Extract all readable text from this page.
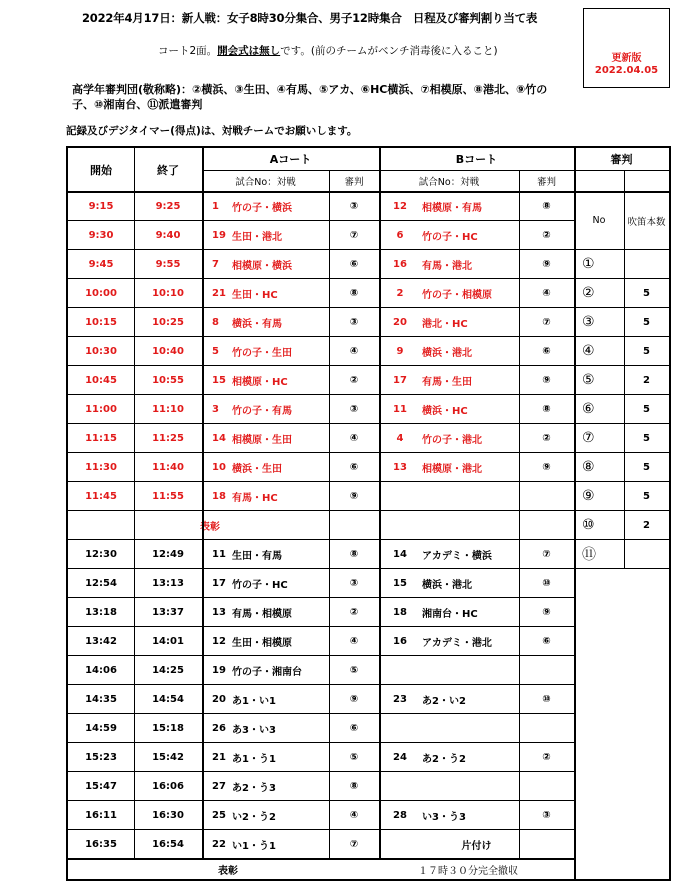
2022年4月17日：新人戦：女子8時30分集合、男子12時集合　日程及び審判割り当て表
コート2面。開会式は無しです。(前のチームがベンチ消毒後に入ること)
高学年審判団(敬称略)：②横浜、③生田、④有馬、⑤アカ、⑥HC横浜、⑦相模原、⑧港北、⑨竹の子、⑩湘南台、⑪派遣審判
記録及びデジタイマー(得点)は、対戦チームでお願いします。
更新版
2022.04.05
開始	終了
Aコート	Bコート	審判
試合No：対戦	審判	試合No：対戦	審判
9:15	9:25	1	竹の子・横浜	③	12	相模原・有馬	⑧
9:30	9:40	19 生田・港北	⑦	6	竹の子・HC	②
9:45	9:55	7	相模原・横浜	⑥	16	有馬・港北	⑨
10:00	10:10	21 生田・HC	⑧	2	竹の子・相模原	④
10:15	10:25	8	横浜・有馬	③	20	港北・HC	⑦
10:30	10:40	5	竹の子・生田	④	9	横浜・港北	⑥
10:45	10:55	15 相模原・HC	②	17	有馬・生田	⑨
11:00	11:10	3	竹の子・有馬	③	11	横浜・HC	⑧
11:15	11:25	14 相模原・生田	④	4	竹の子・港北	②
11:30	11:40	10 横浜・生田	⑥	13	相模原・港北	⑨
11:45	11:55	18 有馬・HC	⑨
表彰
12:30	12:49	11 生田・有馬	⑧	14	アカデミ・横浜	⑦
12:54	13:13	17 竹の子・HC	③	15	横浜・港北	⑩
13:18	13:37	13 有馬・相模原	②	18	湘南台・HC	⑨
13:42	14:01	12 生田・相模原	④	16	アカデミ・港北	⑥
14:06	14:25	19 竹の子・湘南台	⑤
14:35	14:54	20 あ1・い1	⑨	23	あ2・い2	⑩
14:59	15:18	26 あ3・い3	⑥
15:23	15:42	21 あ1・う1	⑤	24	あ2・う2	②
15:47	16:06	27 あ2・う3	⑧
16:11	16:30	25 い2・う2	④	28	い3・う3	③
16:35	16:54	22 い1・う1	⑦	片付け
No	吹笛本数
①
②	5
③	5
④	5
⑤	2
⑥	5
⑦	5
⑧	5
⑨	5
⑩	2
⑪
表彰	１７時３０分完全撤収
